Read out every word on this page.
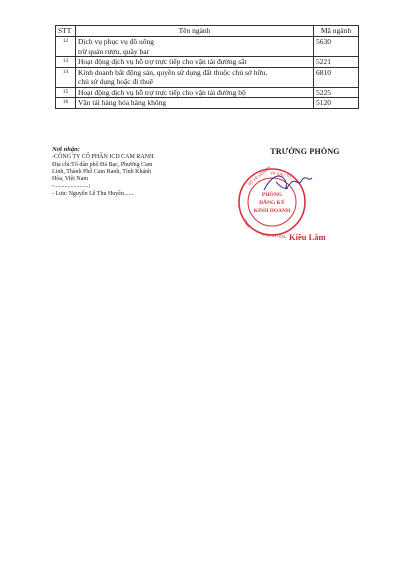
STT	Tên ngành	Mã ngành
12	Dịch vụ phục vụ đồ uống
trừ quán rượu, quầy bar	5630
13	Hoạt động dịch vụ hỗ trợ trực tiếp cho vận tải đường sắt	5221
14	Kinh doanh bất động sản, quyền sử dụng đất thuộc chủ sở hữu,
chủ sử dụng hoặc đi thuê	6810
15	Hoạt động dịch vụ hỗ trợ trực tiếp cho vận tải đường bộ	5225
16	Vận tải hàng hóa hàng không	5120
Nơi nhận:
-CÔNG TY CỔ PHẦN ICD CAM RANH.
Địa chỉ:Tổ dân phố Đá Bạc, Phường Cam
Linh, Thành Phố Cam Ranh, Tỉnh Khánh
Hòa, Việt Nam
-.......................;
- Lưu: Nguyễn Lê Thu Huyền.......
TRƯỞNG PHÒNG
SỞ KẾ HOẠCH
VÀ ĐẦU TƯ
TỈNH
KHÁNH HÒA
PHÒNG
ĐĂNG KÝ
KINH DOANH
Kiều Lâm
